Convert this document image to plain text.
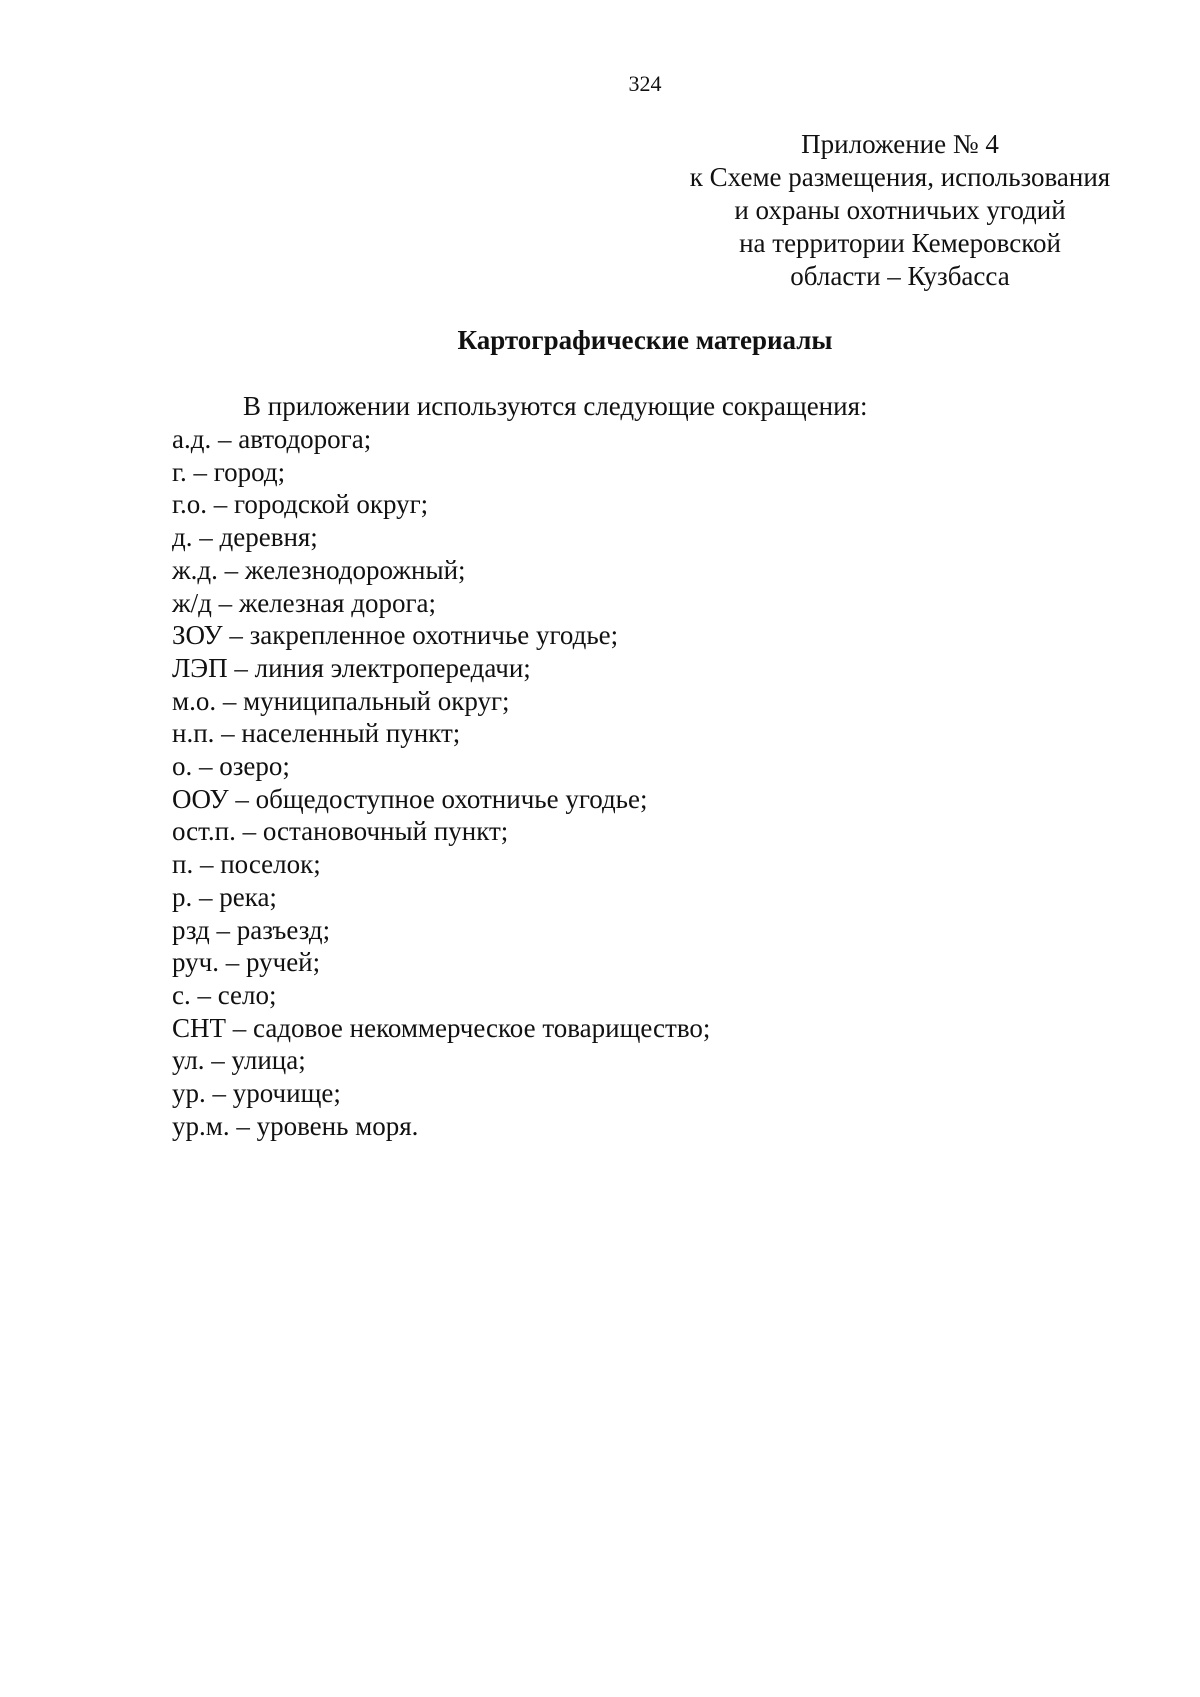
324
Приложение № 4
к Схеме размещения, использования
и охраны охотничьих угодий
на территории Кемеровской
области – Кузбасса
Картографические материалы
В приложении используются следующие сокращения:
а.д. – автодорога;
г. – город;
г.о. – городской округ;
д. – деревня;
ж.д. – железнодорожный;
ж/д – железная дорога;
ЗОУ – закрепленное охотничье угодье;
ЛЭП – линия электропередачи;
м.о. – муниципальный округ;
н.п. – населенный пункт;
о. – озеро;
ООУ – общедоступное охотничье угодье;
ост.п. – остановочный пункт;
п. – поселок;
р. – река;
рзд – разъезд;
руч. – ручей;
с. – село;
СНТ – садовое некоммерческое товарищество;
ул. – улица;
ур. – урочище;
ур.м. – уровень моря.
